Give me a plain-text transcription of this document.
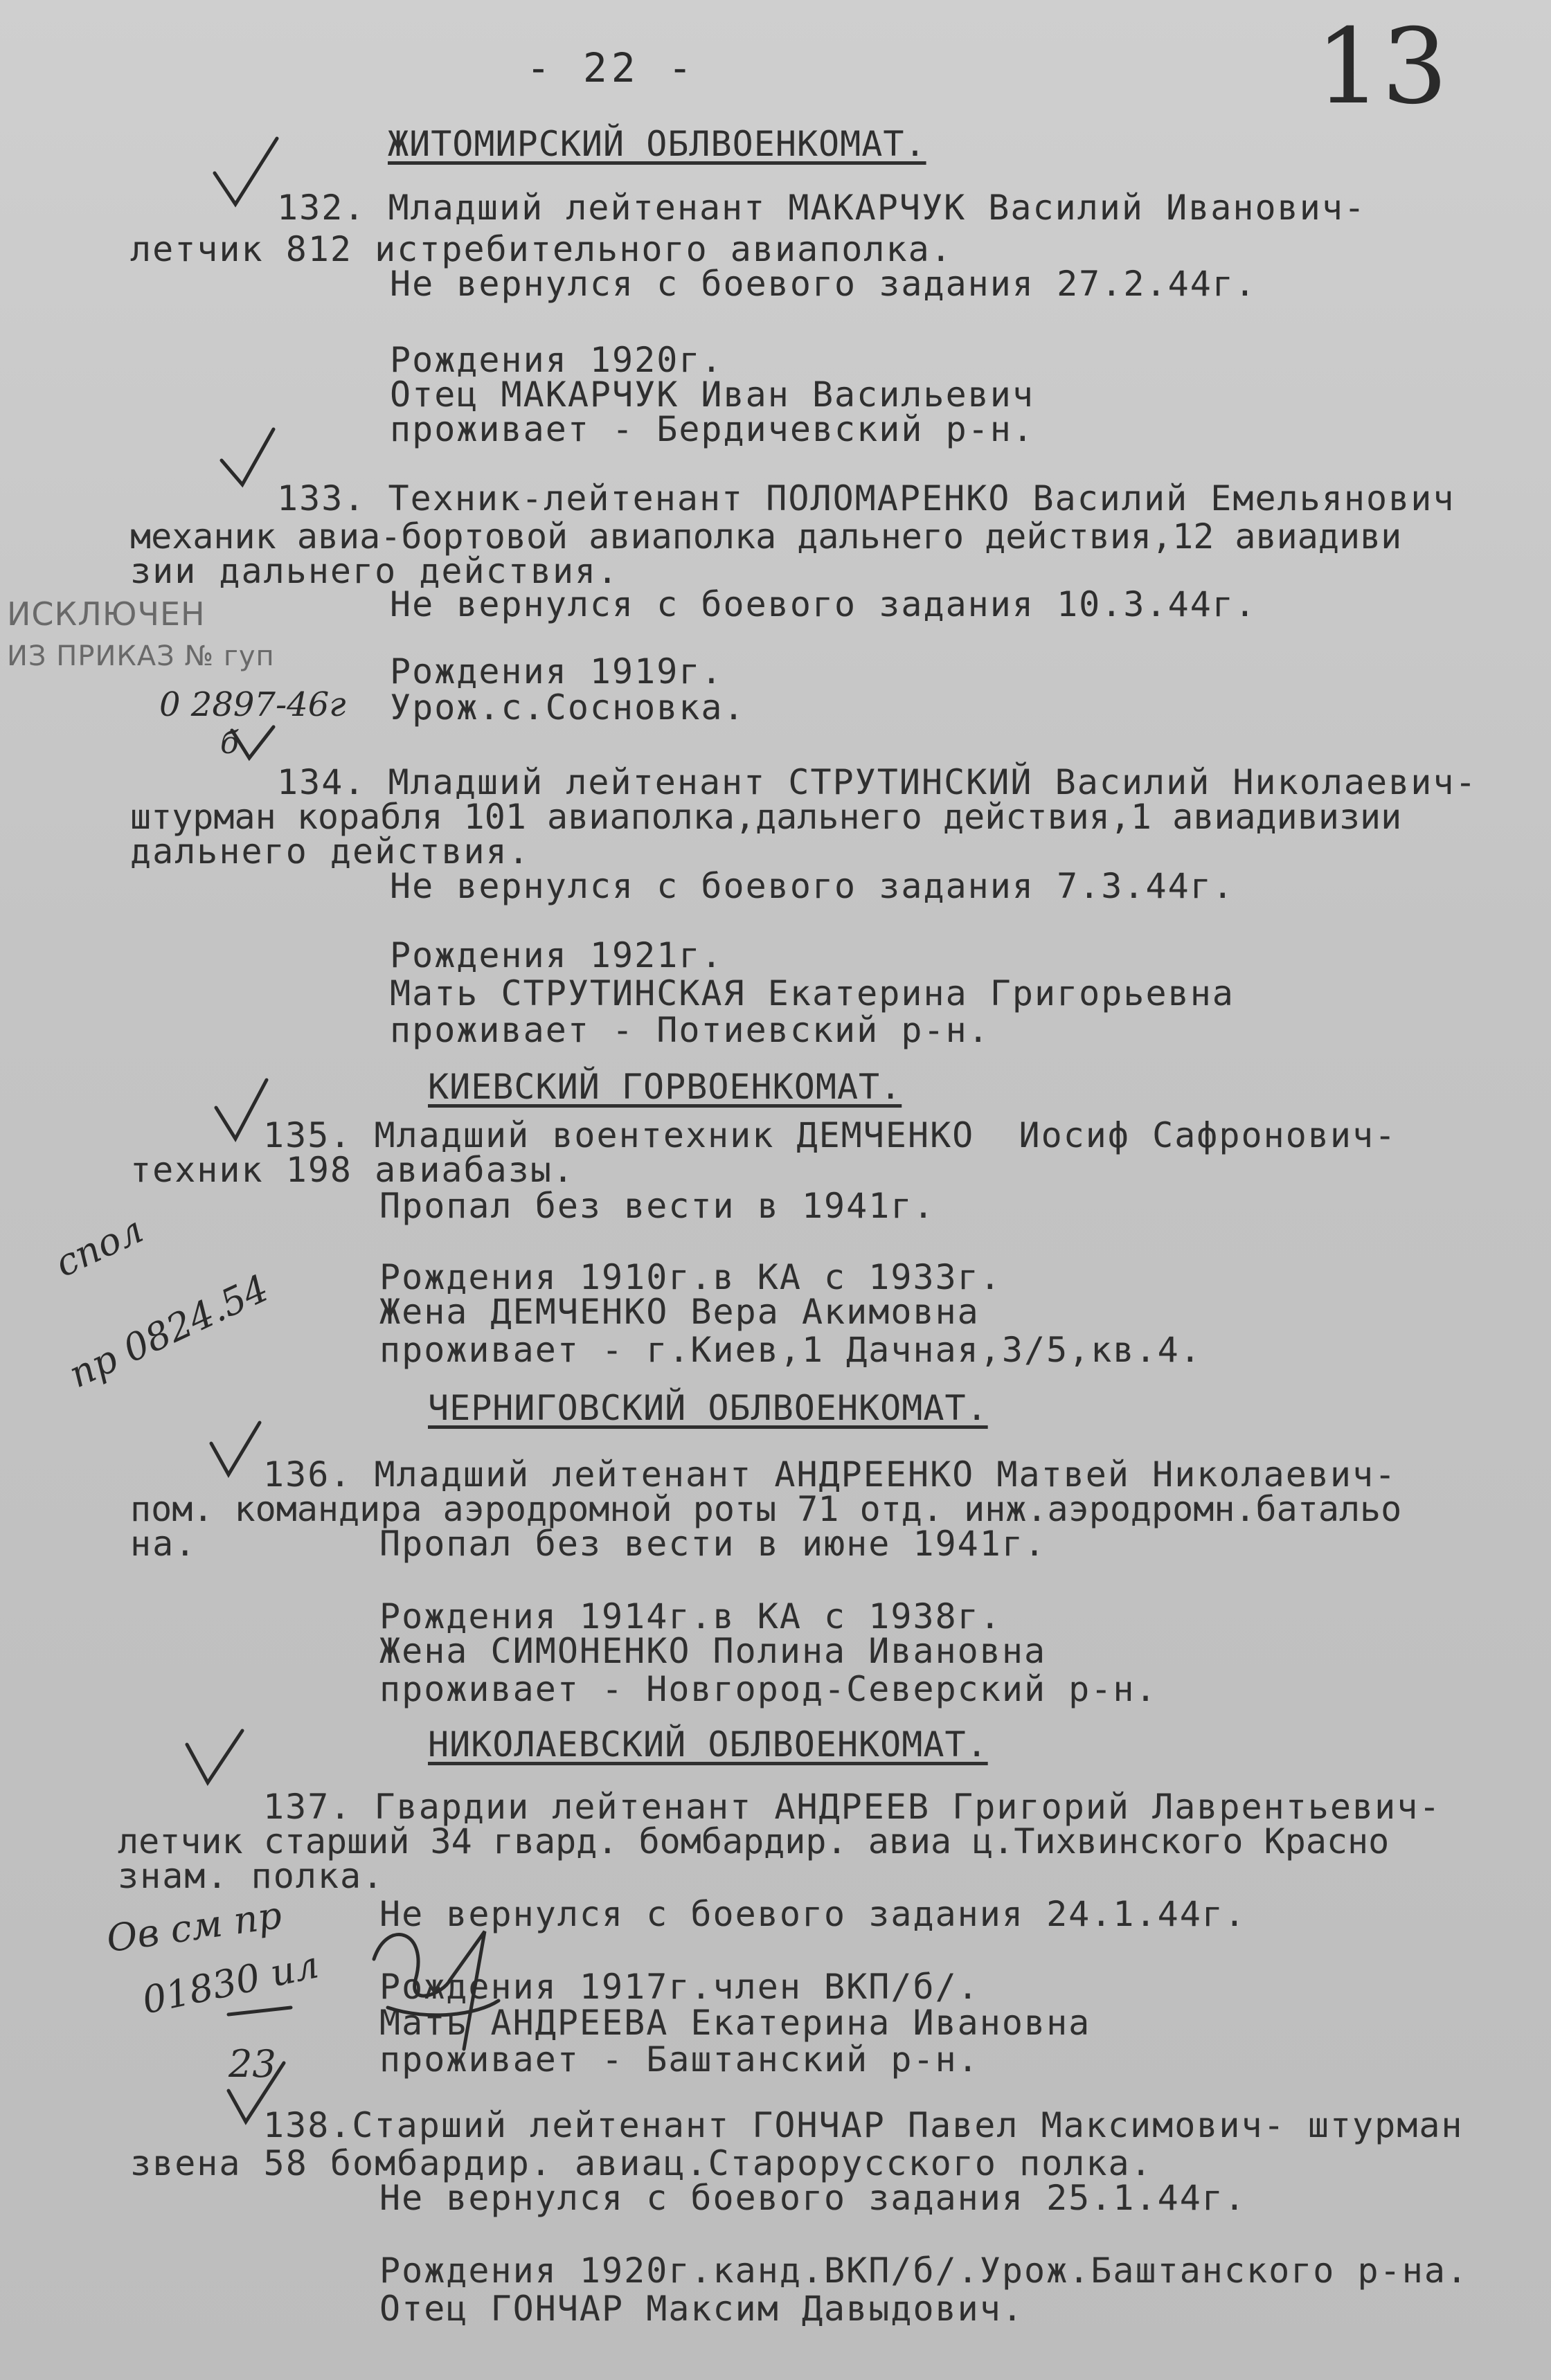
- 22 -	13
ЖИТОМИРСКИЙ ОБЛВОЕНКОМАТ.
КИЕВСКИЙ ГОРВОЕНКОМАТ.
ЧЕРНИГОВСКИЙ ОБЛВОЕНКОМАТ.
НИКОЛАЕВСКИЙ ОБЛВОЕНКОМАТ.
132. Младший лейтенант МАКАРЧУК Василий Иванович-
летчик 812 истребительного авиаполка.
Не вернулся с боевого задания 27.2.44г.
Рождения 1920г.
Отец МАКАРЧУК Иван Васильевич
проживает - Бердичевский р-н.
133. Техник-лейтенант ПОЛОМАРЕНКО Василий Емельянович
механик авиа-бортовой авиаполка дальнего действия,12 авиадиви
зии дальнего действия.
Не вернулся с боевого задания 10.3.44г.
Рождения 1919г.
Урож.с.Сосновка.
134. Младший лейтенант СТРУТИНСКИЙ Василий Николаевич-
штурман корабля 101 авиаполка,дальнего действия,1 авиадивизии
дальнего действия.
Не вернулся с боевого задания 7.3.44г.
Рождения 1921г.
Мать СТРУТИНСКАЯ Екатерина Григорьевна
проживает - Потиевский р-н.
135. Младший воентехник ДЕМЧЕНКО  Иосиф Сафронович-
техник 198 авиабазы.
Пропал без вести в 1941г.
Рождения 1910г.в КА с 1933г.
Жена ДЕМЧЕНКО Вера Акимовна
проживает - г.Киев,1 Дачная,3/5,кв.4.
136. Младший лейтенант АНДРЕЕНКО Матвей Николаевич-
пом. командира аэродромной роты 71 отд. инж.аэродромн.батальо
на.	Пропал без вести в июне 1941г.
Рождения 1914г.в КА с 1938г.
Жена СИМОНЕНКО Полина Ивановна
проживает - Новгород-Северский р-н.
137. Гвардии лейтенант АНДРЕЕВ Григорий Лаврентьевич-
летчик старший 34 гвард. бомбардир. авиа ц.Тихвинского Красно
знам. полка.
Не вернулся с боевого задания 24.1.44г.
Рождения 1917г.член ВКП/б/.
Мать АНДРЕЕВА Екатерина Ивановна
проживает - Баштанский р-н.
138.Старший лейтенант ГОНЧАР Павел Максимович- штурман
звена 58 бомбардир. авиац.Старорусского полка.
Не вернулся с боевого задания 25.1.44г.
Рождения 1920г.канд.ВКП/б/.Урож.Баштанского р-на.
Отец ГОНЧАР Максим Давыдович.
ИСКЛЮЧЕН
ИЗ ПРИКАЗ № гуп
0 2897-46г
б
спол
пр 0824.54
Ов см пр
01830 ил
23
